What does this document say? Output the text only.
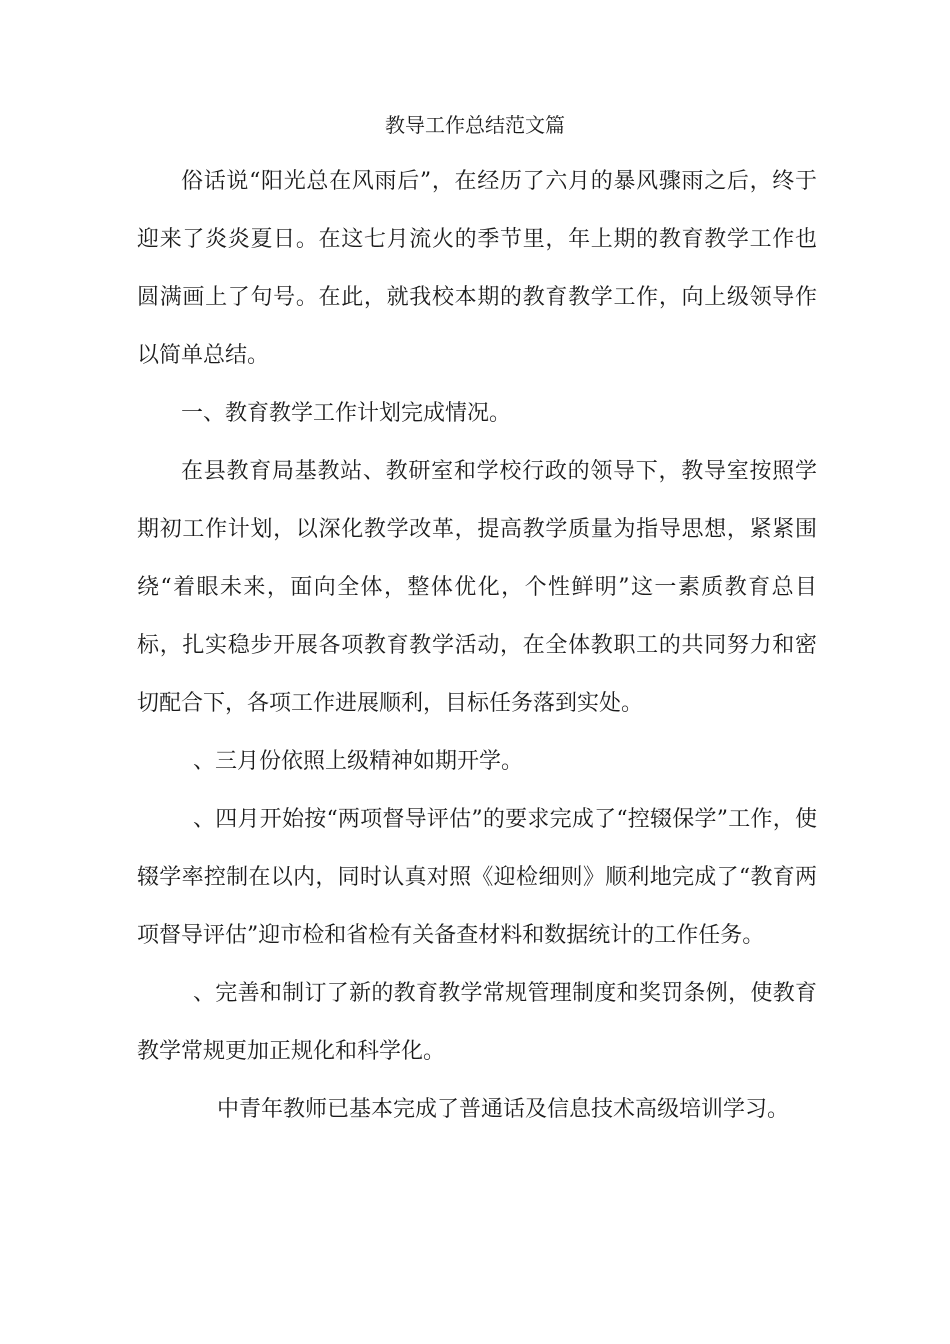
教导工作总结范文篇

俗话说“阳光总在风雨后”，在经历了六月的暴风骤雨之后，终于迎来了炎炎夏日。在这七月流火的季节里，年上期的教育教学工作也圆满画上了句号。在此，就我校本期的教育教学工作，向上级领导作以简单总结。

一、教育教学工作计划完成情况。

在县教育局基教站、教研室和学校行政的领导下，教导室按照学期初工作计划，以深化教学改革，提高教学质量为指导思想，紧紧围绕“着眼未来，面向全体，整体优化，个性鲜明”这一素质教育总目标，扎实稳步开展各项教育教学活动，在全体教职工的共同努力和密切配合下，各项工作进展顺利，目标任务落到实处。

、三月份依照上级精神如期开学。

、四月开始按“两项督导评估”的要求完成了“控辍保学”工作，使辍学率控制在以内，同时认真对照《迎检细则》顺利地完成了“教育两项督导评估”迎市检和省检有关备查材料和数据统计的工作任务。

、完善和制订了新的教育教学常规管理制度和奖罚条例，使教育教学常规更加正规化和科学化。

中青年教师已基本完成了普通话及信息技术高级培训学习。
